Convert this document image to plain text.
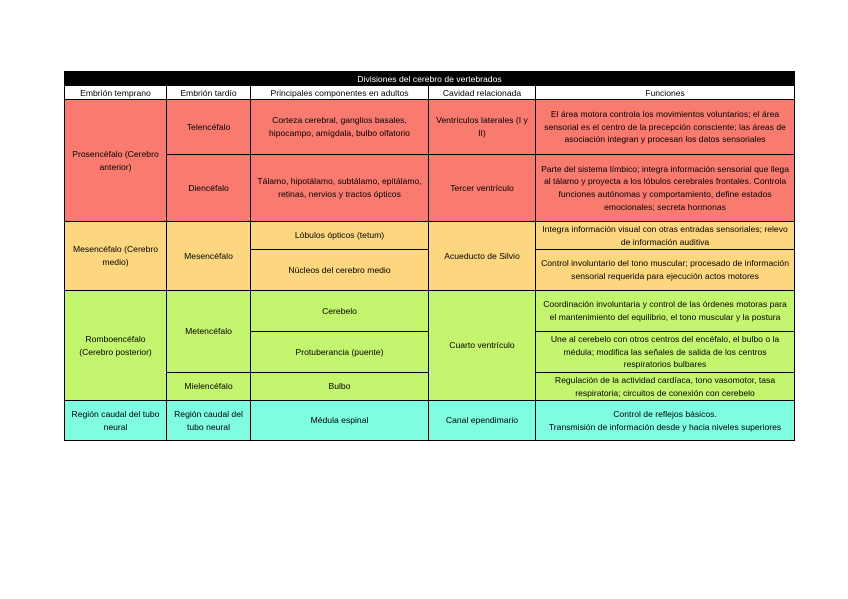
Divisiones del cerebro de vertebrados				
Embrión temprano	Embrión tardío	Principales componentes en adultos	Cavidad relacionada	Funciones
Prosencéfalo (Cerebro anterior)	Telencéfalo	Corteza cerebral, ganglios basales, hipocampo, amígdala, bulbo olfatorio	Ventrículos laterales (I y II)	El área motora controla los movimientos voluntarios; el área sensorial es el centro de la precepción consciente; las áreas de asociación integran y procesan los datos sensoriales
	Diencéfalo	Tálamo, hipotálamo, subtálamo, epitálamo, retinas, nervios y tractos ópticos	Tercer ventrículo	Parte del sistema límbico; integra información sensorial que llega al tálamo y proyecta a los lóbulos cerebrales frontales. Controla funciones autónomas y comportamiento, define estados emocionales; secreta hormonas
Mesencéfalo (Cerebro medio)	Mesencéfalo	Lóbulos ópticos (tetum)	Acueducto de Silvio	Integra información visual con otras entradas sensoriales; relevo de información auditiva
		Núcleos del cerebro medio		Control involuntario del tono muscular; procesado de información sensorial requerida para ejecución actos motores
Romboencéfalo (Cerebro posterior)	Metencéfalo	Cerebelo	Cuarto ventrículo	Coordinación involuntaria y control de las órdenes motoras para el mantenimiento del equilibrio, el tono muscular y la postura
		Protuberancia (puente)		Une al cerebelo con otros centros del encéfalo, el bulbo o la médula; modifica las señales de salida de los centros respiratorios bulbares
	Mielencéfalo	Bulbo		Regulación de la actividad cardíaca, tono vasomotor, tasa respiratoria; circuitos de conexión con cerebelo
Región caudal del tubo neural	Región caudal del tubo neural	Médula espinal	Canal ependimario	Control de reflejos básicos.
Transmisión de información desde y hacia niveles superiores
